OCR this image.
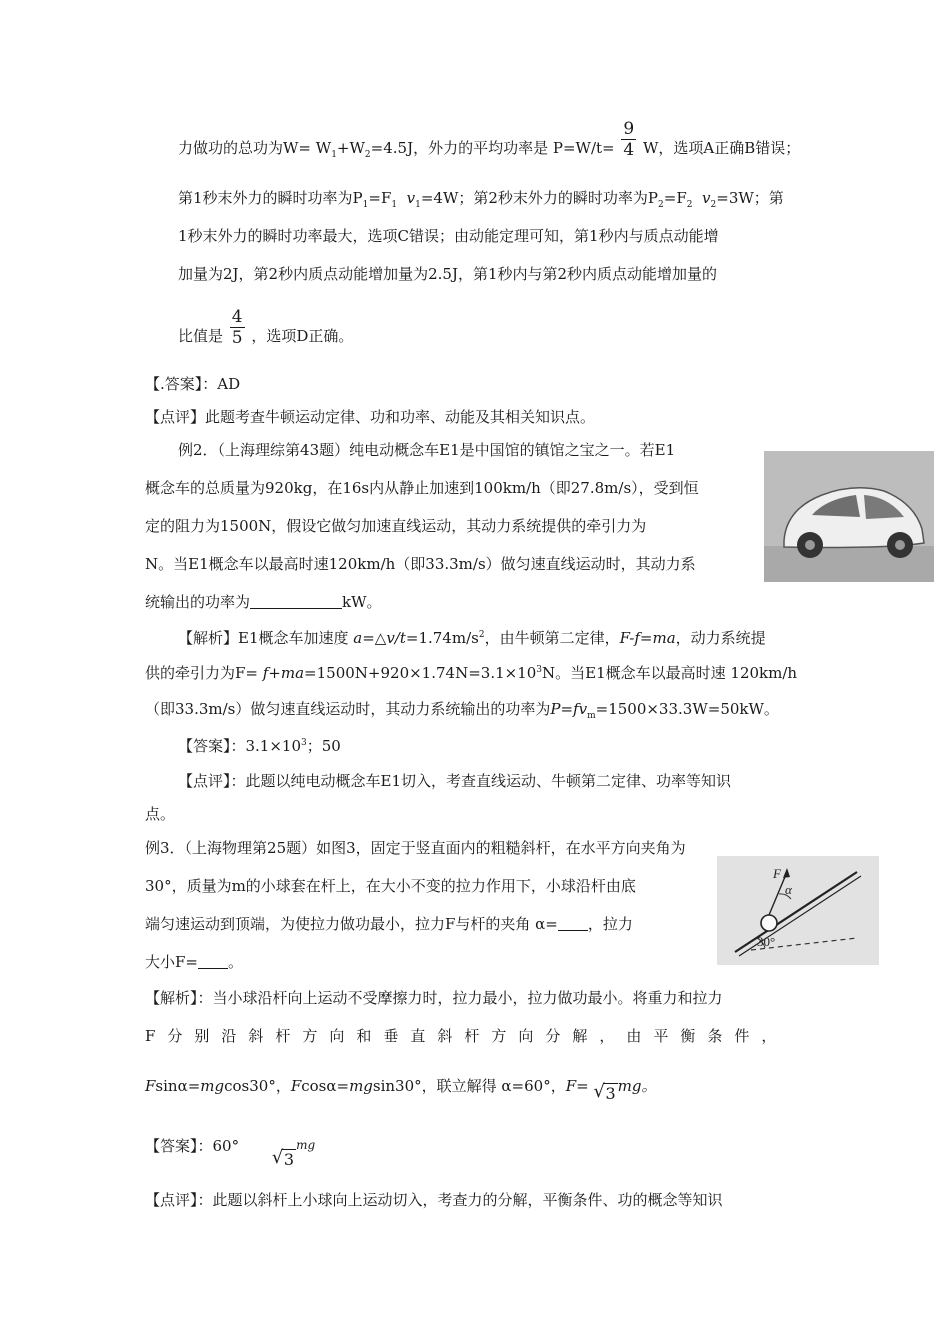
力做功的总功为$W= W_1+W_2=4.5J$，外力的平均功率是 $P=W/t= \frac{9}{4}$ W，选项A正确B错误；
第1秒末外力的瞬时功率为$P_1=F_1$ $v_1=4W$；第2秒末外力的瞬时功率为$P_2=F_2$ $v_2=3W$；第
1秒末外力的瞬时功率最大，选项C错误；由动能定理可知，第1秒内与质点动能增
加量为2J，第2秒内质点动能增加量为2.5J，第1秒内与第2秒内质点动能增加量的
比值是 $\frac{4}{5}$ ，选项D正确。
【.答案】：AD
【点评】此题考查牛顿运动定律、功和功率、动能及其相关知识点。
例2．（上海理综第43题）纯电动概念车E1是中国馆的镇馆之宝之一。若E1
概念车的总质量为920kg，在16s内从静止加速到100km/h（即27.8m/s），受到恒
定的阻力为1500N，假设它做匀加速直线运动，其动力系统提供的牵引力为
N。当E1概念车以最高时速120km/h（即33.3m/s）做匀速直线运动时，其动力系
统输出的功率为	kW。
【解析】E1概念车加速度 $a=\triangle v/t=1.74m/s^2$，由牛顿第二定律，F-f=ma，动力系统提
供的牵引力为$F= f+ma=1500N+920\times 1.74N=3.1\times 10^3N$。当E1概念车以最高时速 120km/h
（即33.3m/s）做匀速直线运动时，其动力系统输出的功率为$P=fv_m=1500\times 33.3W=50kW$。
【答案】：$3.1\times 10^3$；50
【点评】：此题以纯电动概念车E1切入，考查直线运动、牛顿第二定律、功率等知识
点。
例3．（上海物理第25题）如图3，固定于竖直面内的粗糙斜杆，在水平方向夹角为
30°，质量为m的小球套在杆上，在大小不变的拉力作用下，小球沿杆由底
端匀速运动到顶端，为使拉力做功最小，拉力F与杆的夹角 α= ，拉力
大小F= 。
F
α
30°
【解析】：当小球沿杆向上运动不受摩擦力时，拉力最小，拉力做功最小。将重力和拉力
F分别沿斜杆方向和垂直斜杆方向分解，由平衡条件，
Fsinα=mgcos30°，Fcosα=mgsin30°，联立解得 α=60°，F= √ 3 mg。
【答案】：60°
√ 3mg
【点评】：此题以斜杆上小球向上运动切入，考查力的分解，平衡条件、功的概念等知识
